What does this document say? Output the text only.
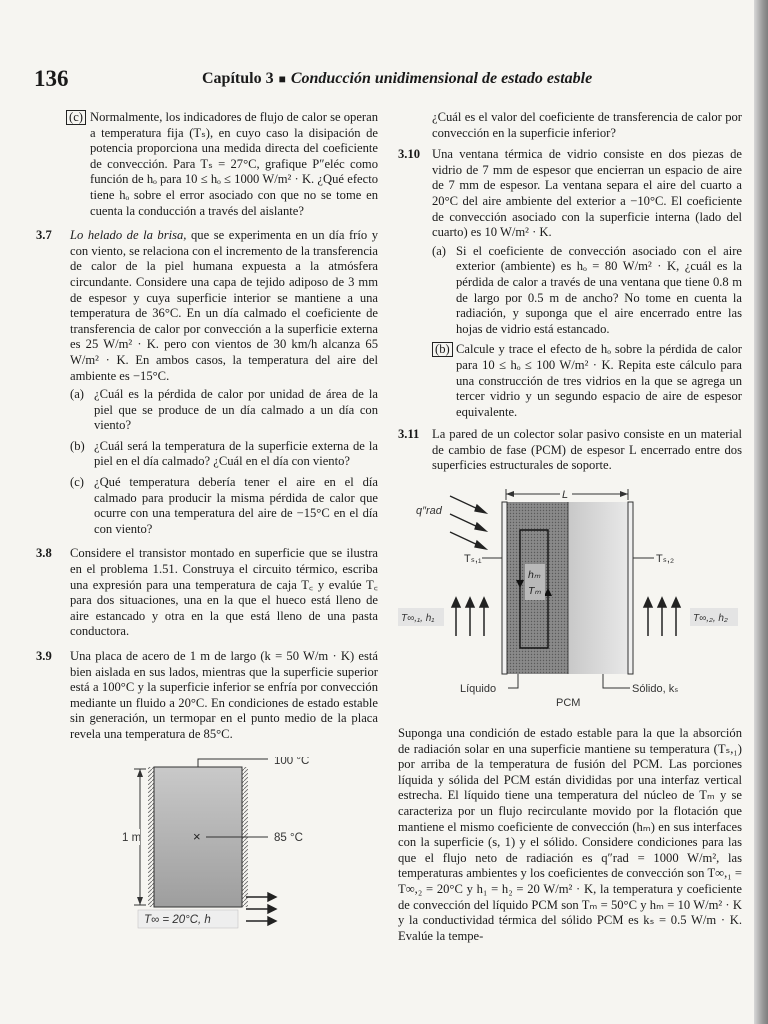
136	Capítulo 3 ■ Conducción unidimensional de estado estable
(c) Normalmente, los indicadores de flujo de calor se operan a temperatura fija (Tₛ), en cuyo caso la disipación de potencia proporciona una medida directa del coeficiente de convección. Para Tₛ = 27°C, grafique P″eléc como función de hₒ para 10 ≤ hₒ ≤ 1000 W/m² · K. ¿Qué efecto tiene hₒ sobre el error asociado con que no se tome en cuenta la conducción a través del aislante?
3.7 Lo helado de la brisa, que se experimenta en un día frío y con viento, se relaciona con el incremento de la transferencia de calor de la piel humana expuesta a la atmósfera circundante. Considere una capa de tejido adiposo de 3 mm de espesor y cuya superficie interior se mantiene a una temperatura de 36°C. En un día calmado el coeficiente de transferencia de calor por convección a la superficie externa es 25 W/m² · K. pero con vientos de 30 km/h alcanza 65 W/m² · K. En ambos casos, la temperatura del aire del ambiente es −15°C.
(a) ¿Cuál es la pérdida de calor por unidad de área de la piel que se produce de un día calmado a un día con viento?
(b) ¿Cuál será la temperatura de la superficie externa de la piel en el día calmado? ¿Cuál en el día con viento?
(c) ¿Qué temperatura debería tener el aire en el día calmado para producir la misma pérdida de calor que ocurre con una temperatura del aire de −15°C en el día con viento?
3.8 Considere el transistor montado en superficie que se ilustra en el problema 1.51. Construya el circuito térmico, escriba una expresión para una temperatura de caja T꜀ y evalúe T꜀ para dos situaciones, una en la que el hueco está lleno de aire estancado y otra en la que está lleno de una pasta conductora.
3.9 Una placa de acero de 1 m de largo (k = 50 W/m · K) está bien aislada en sus lados, mientras que la superficie superior está a 100°C y la superficie inferior se enfría por convección mediante un fluido a 20°C. En condiciones de estado estable sin generación, un termopar en el punto medio de la placa revela una temperatura de 85°C.
100 °C
×	85 °C
1 m
T∞ = 20°C, h

¿Cuál es el valor del coeficiente de transferencia de calor por convección en la superficie inferior?

3.10 Una ventana térmica de vidrio consiste en dos piezas de vidrio de 7 mm de espesor que encierran un espacio de aire de 7 mm de espesor. La ventana separa el aire del cuarto a 20°C del aire ambiente del exterior a −10°C. El coeficiente de convección asociado con la superficie interna (lado del cuarto) es 10 W/m² · K.
(a) Si el coeficiente de convección asociado con el aire exterior (ambiente) es hₒ = 80 W/m² · K, ¿cuál es la pérdida de calor a través de una ventana que tiene 0.8 m de largo por 0.5 m de ancho? No tome en cuenta la radiación, y suponga que el aire encerrado entre las hojas de vidrio está estancado.
(b) Calcule y trace el efecto de hₒ sobre la pérdida de calor para 10 ≤ hₒ ≤ 100 W/m² · K. Repita este cálculo para una construcción de tres vidrios en la que se agrega un tercer vidrio y un segundo espacio de aire de espesor equivalente.
3.11 La pared de un colector solar pasivo consiste en un material de cambio de fase (PCM) de espesor L encerrado entre dos superficies estructurales de soporte.
L
q″rad
hₘ
Tₘ
Tₛ,₁	Tₛ,₂
T∞,₁, h₁	T∞,₂, h₂
Líquido
PCM
Sólido, kₛ

Suponga una condición de estado estable para la que la absorción de radiación solar en una superficie mantiene su temperatura (Tₛ,₁) por arriba de la temperatura de fusión del PCM. Las porciones líquida y sólida del PCM están divididas por una interfaz vertical estrecha. El líquido tiene una temperatura del núcleo de Tₘ y se caracteriza por un flujo recirculante movido por la flotación que mantiene el mismo coeficiente de convección (hₘ) en sus interfaces con la superficie (s, 1) y el sólido. Considere condiciones para las que el flujo neto de radiación es q″rad = 1000 W/m², las temperaturas ambientes y los coeficientes de convección son T∞,₁ = T∞,₂ = 20°C y h₁ = h₂ = 20 W/m² · K, la temperatura y coeficiente de convección del líquido PCM son Tₘ = 50°C y hₘ = 10 W/m² · K y la conductividad térmica del sólido PCM es kₛ = 0.5 W/m · K. Evalúe la tempe-
